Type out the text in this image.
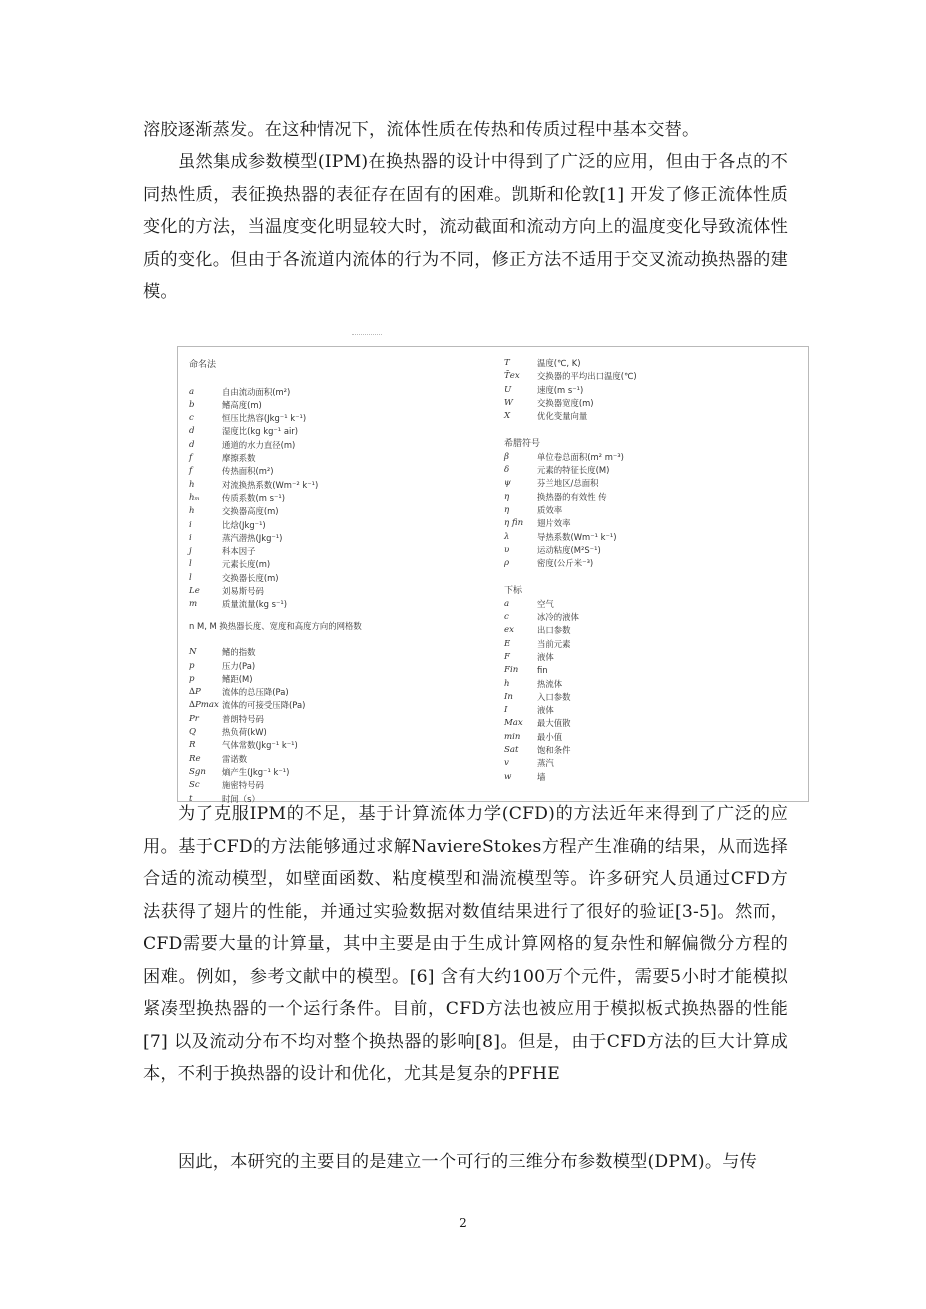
溶胶逐渐蒸发。在这种情况下，流体性质在传热和传质过程中基本交替。

虽然集成参数模型(IPM)在换热器的设计中得到了广泛的应用，但由于各点的不同热性质，表征换热器的表征存在固有的困难。凯斯和伦敦[1] 开发了修正流体性质变化的方法，当温度变化明显较大时，流动截面和流动方向上的温度变化导致流体性质的变化。但由于各流道内流体的行为不同，修正方法不适用于交叉流动换热器的建模。

命名法
a	自由流动面积(m²)
b	鳍高度(m)
c	恒压比热容(Jkg⁻¹ k⁻¹)
d	湿度比(kg kg⁻¹ air)
d	通道的水力直径(m)
f	摩擦系数
f	传热面积(m²)
h	对流换热系数(Wm⁻² k⁻¹)
hₘ	传质系数(m s⁻¹)
h	交换器高度(m)
i	比焓(Jkg⁻¹)
i	蒸汽潜热(Jkg⁻¹)
j	科本因子
l	元素长度(m)
l	交换器长度(m)
Le	刘易斯号码
m	质量流量(kg s⁻¹)
n M, M 换热器长度、宽度和高度方向的网格数
N	鳍的指数
p	压力(Pa)
p	鳍距(M)
∆P	流体的总压降(Pa)
∆Pmax 流体的可接受压降(Pa)
Pr	普朗特号码
Q	热负荷(kW)
R	气体常数(Jkg⁻¹ k⁻¹)
Re	雷诺数
Sgn	熵产生(Jkg⁻¹ k⁻¹)
Sc	施密特号码
t	时间（s）
T	温度(℃, K)
T̄ex	交换器的平均出口温度(℃)
U	速度(m s⁻¹)
W	交换器宽度(m)
X	优化变量向量
希腊符号
β	单位卷总面积(m² m⁻³)
δ	元素的特征长度(M)
ψ	芬兰地区/总面积
η	换热器的有效性 传
η	质效率
η fin	翅片效率
λ	导热系数(Wm⁻¹ k⁻¹)
υ	运动粘度(M²S⁻¹)
ρ	密度(公斤米⁻³)
下标
a	空气
c	冰冷的液体
ex	出口参数
E	当前元素
F	液体
Fin	fin
h	热流体
In	入口参数
I	液体
Max	最大值散
min	最小值
Sat	饱和条件
v	蒸汽
w	墙

为了克服IPM的不足，基于计算流体力学(CFD)的方法近年来得到了广泛的应用。基于CFD的方法能够通过求解NaviereStokes方程产生准确的结果，从而选择合适的流动模型，如壁面函数、粘度模型和湍流模型等。许多研究人员通过CFD方法获得了翅片的性能，并通过实验数据对数值结果进行了很好的验证[3-5]。然而，CFD需要大量的计算量，其中主要是由于生成计算网格的复杂性和解偏微分方程的困难。例如，参考文献中的模型。[6] 含有大约100万个元件，需要5小时才能模拟紧凑型换热器的一个运行条件。目前，CFD方法也被应用于模拟板式换热器的性能[7] 以及流动分布不均对整个换热器的影响[8]。但是，由于CFD方法的巨大计算成本，不利于换热器的设计和优化，尤其是复杂的PFHE

因此，本研究的主要目的是建立一个可行的三维分布参数模型(DPM)。与传

2
